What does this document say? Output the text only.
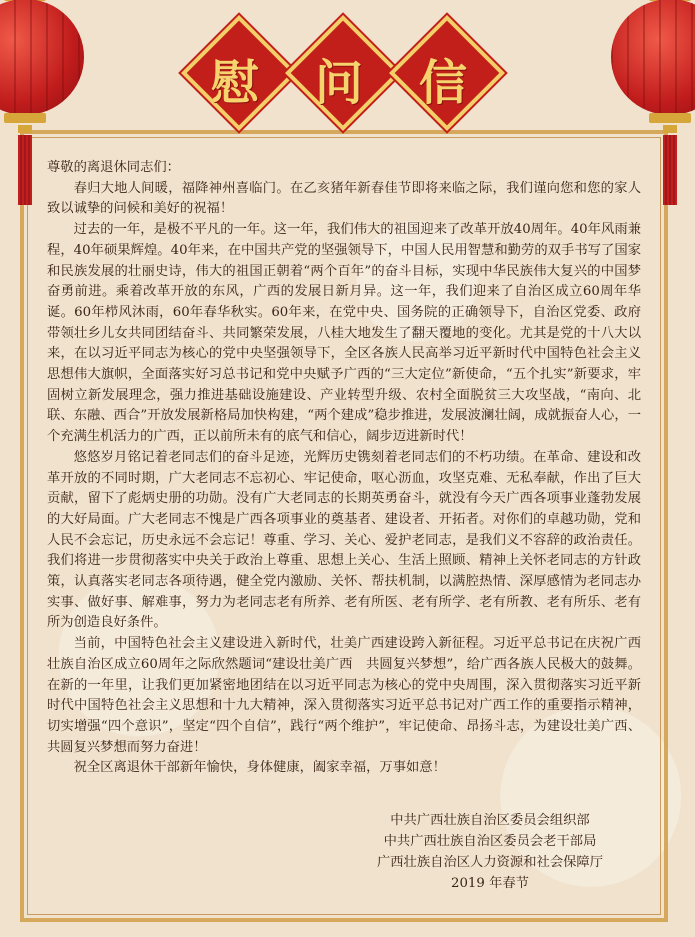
慰	问	信

尊敬的离退休同志们：

春归大地人间暖，福降神州喜临门。在乙亥猪年新春佳节即将来临之际，我们谨向您和您的家人致以诚挚的问候和美好的祝福！

过去的一年，是极不平凡的一年。这一年，我们伟大的祖国迎来了改革开放40周年。40年风雨兼程，40年硕果辉煌。40年来，在中国共产党的坚强领导下，中国人民用智慧和勤劳的双手书写了国家和民族发展的壮丽史诗，伟大的祖国正朝着“两个百年”的奋斗目标，实现中华民族伟大复兴的中国梦奋勇前进。乘着改革开放的东风，广西的发展日新月异。这一年，我们迎来了自治区成立60周年华诞。60年栉风沐雨，60年春华秋实。60年来，在党中央、国务院的正确领导下，自治区党委、政府带领壮乡儿女共同团结奋斗、共同繁荣发展，八桂大地发生了翻天覆地的变化。尤其是党的十八大以来，在以习近平同志为核心的党中央坚强领导下，全区各族人民高举习近平新时代中国特色社会主义思想伟大旗帜，全面落实好习总书记和党中央赋予广西的“三大定位”新使命，“五个扎实”新要求，牢固树立新发展理念，强力推进基础设施建设、产业转型升级、农村全面脱贫三大攻坚战，“南向、北联、东融、西合”开放发展新格局加快构建，“两个建成”稳步推进，发展波澜壮阔，成就振奋人心，一个充满生机活力的广西，正以前所未有的底气和信心，阔步迈进新时代！

悠悠岁月铭记着老同志们的奋斗足迹，光辉历史镌刻着老同志们的不朽功绩。在革命、建设和改革开放的不同时期，广大老同志不忘初心、牢记使命，呕心沥血，攻坚克难、无私奉献，作出了巨大贡献，留下了彪炳史册的功勋。没有广大老同志的长期英勇奋斗，就没有今天广西各项事业蓬勃发展的大好局面。广大老同志不愧是广西各项事业的奠基者、建设者、开拓者。对你们的卓越功勋，党和人民不会忘记，历史永远不会忘记！尊重、学习、关心、爱护老同志，是我们义不容辞的政治责任。我们将进一步贯彻落实中央关于政治上尊重、思想上关心、生活上照顾、精神上关怀老同志的方针政策，认真落实老同志各项待遇，健全党内激励、关怀、帮扶机制，以满腔热情、深厚感情为老同志办实事、做好事、解难事，努力为老同志老有所养、老有所医、老有所学、老有所教、老有所乐、老有所为创造良好条件。

当前，中国特色社会主义建设进入新时代，壮美广西建设跨入新征程。习近平总书记在庆祝广西壮族自治区成立60周年之际欣然题词“建设壮美广西　共圆复兴梦想”，给广西各族人民极大的鼓舞。在新的一年里，让我们更加紧密地团结在以习近平同志为核心的党中央周围，深入贯彻落实习近平新时代中国特色社会主义思想和十九大精神，深入贯彻落实习近平总书记对广西工作的重要指示精神，切实增强“四个意识”，坚定“四个自信”，践行“两个维护”，牢记使命、昂扬斗志，为建设壮美广西、共圆复兴梦想而努力奋进！

祝全区离退休干部新年愉快，身体健康，阖家幸福，万事如意！

中共广西壮族自治区委员会组织部
中共广西壮族自治区委员会老干部局
广西壮族自治区人力资源和社会保障厅
2019 年春节
